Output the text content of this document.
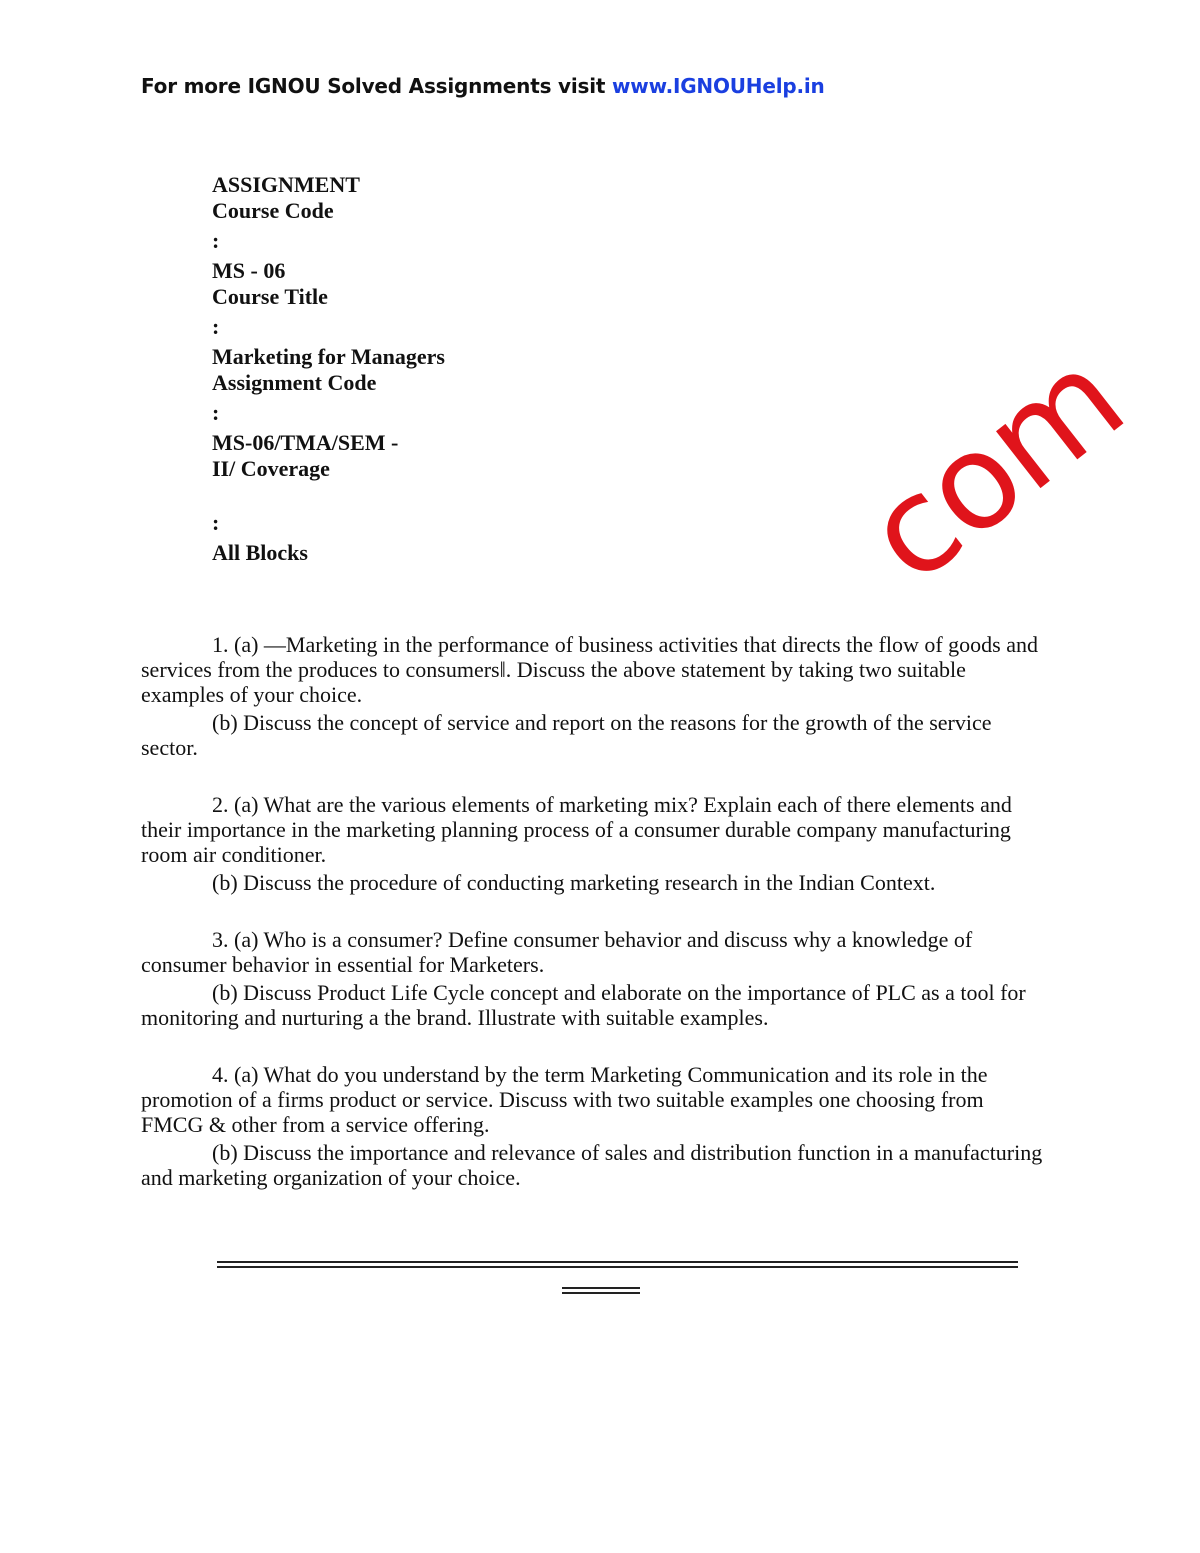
For more IGNOU Solved Assignments visit www.IGNOUHelp.in
ASSIGNMENT
Course Code
:
MS - 06
Course Title
:
Marketing for Managers
Assignment Code
:
MS-06/TMA/SEM -
II/ Coverage
:
All Blocks	com

1. (a) —Marketing in the performance of business activities that directs the flow of goods and services from the produces to consumers‖. Discuss the above statement by taking two suitable examples of your choice.

(b) Discuss the concept of service and report on the reasons for the growth of the service sector.

2. (a) What are the various elements of marketing mix? Explain each of there elements and their importance in the marketing planning process of a consumer durable company manufacturing room air conditioner.

(b) Discuss the procedure of conducting marketing research in the Indian Context.

3. (a) Who is a consumer? Define consumer behavior and discuss why a knowledge of consumer behavior in essential for Marketers.

(b) Discuss Product Life Cycle concept and elaborate on the importance of PLC as a tool for monitoring and nurturing a the brand. Illustrate with suitable examples.

4. (a) What do you understand by the term Marketing Communication and its role in the promotion of a firms product or service. Discuss with two suitable examples one choosing from FMCG & other from a service offering.

(b) Discuss the importance and relevance of sales and distribution function in a manufacturing and marketing organization of your choice.
